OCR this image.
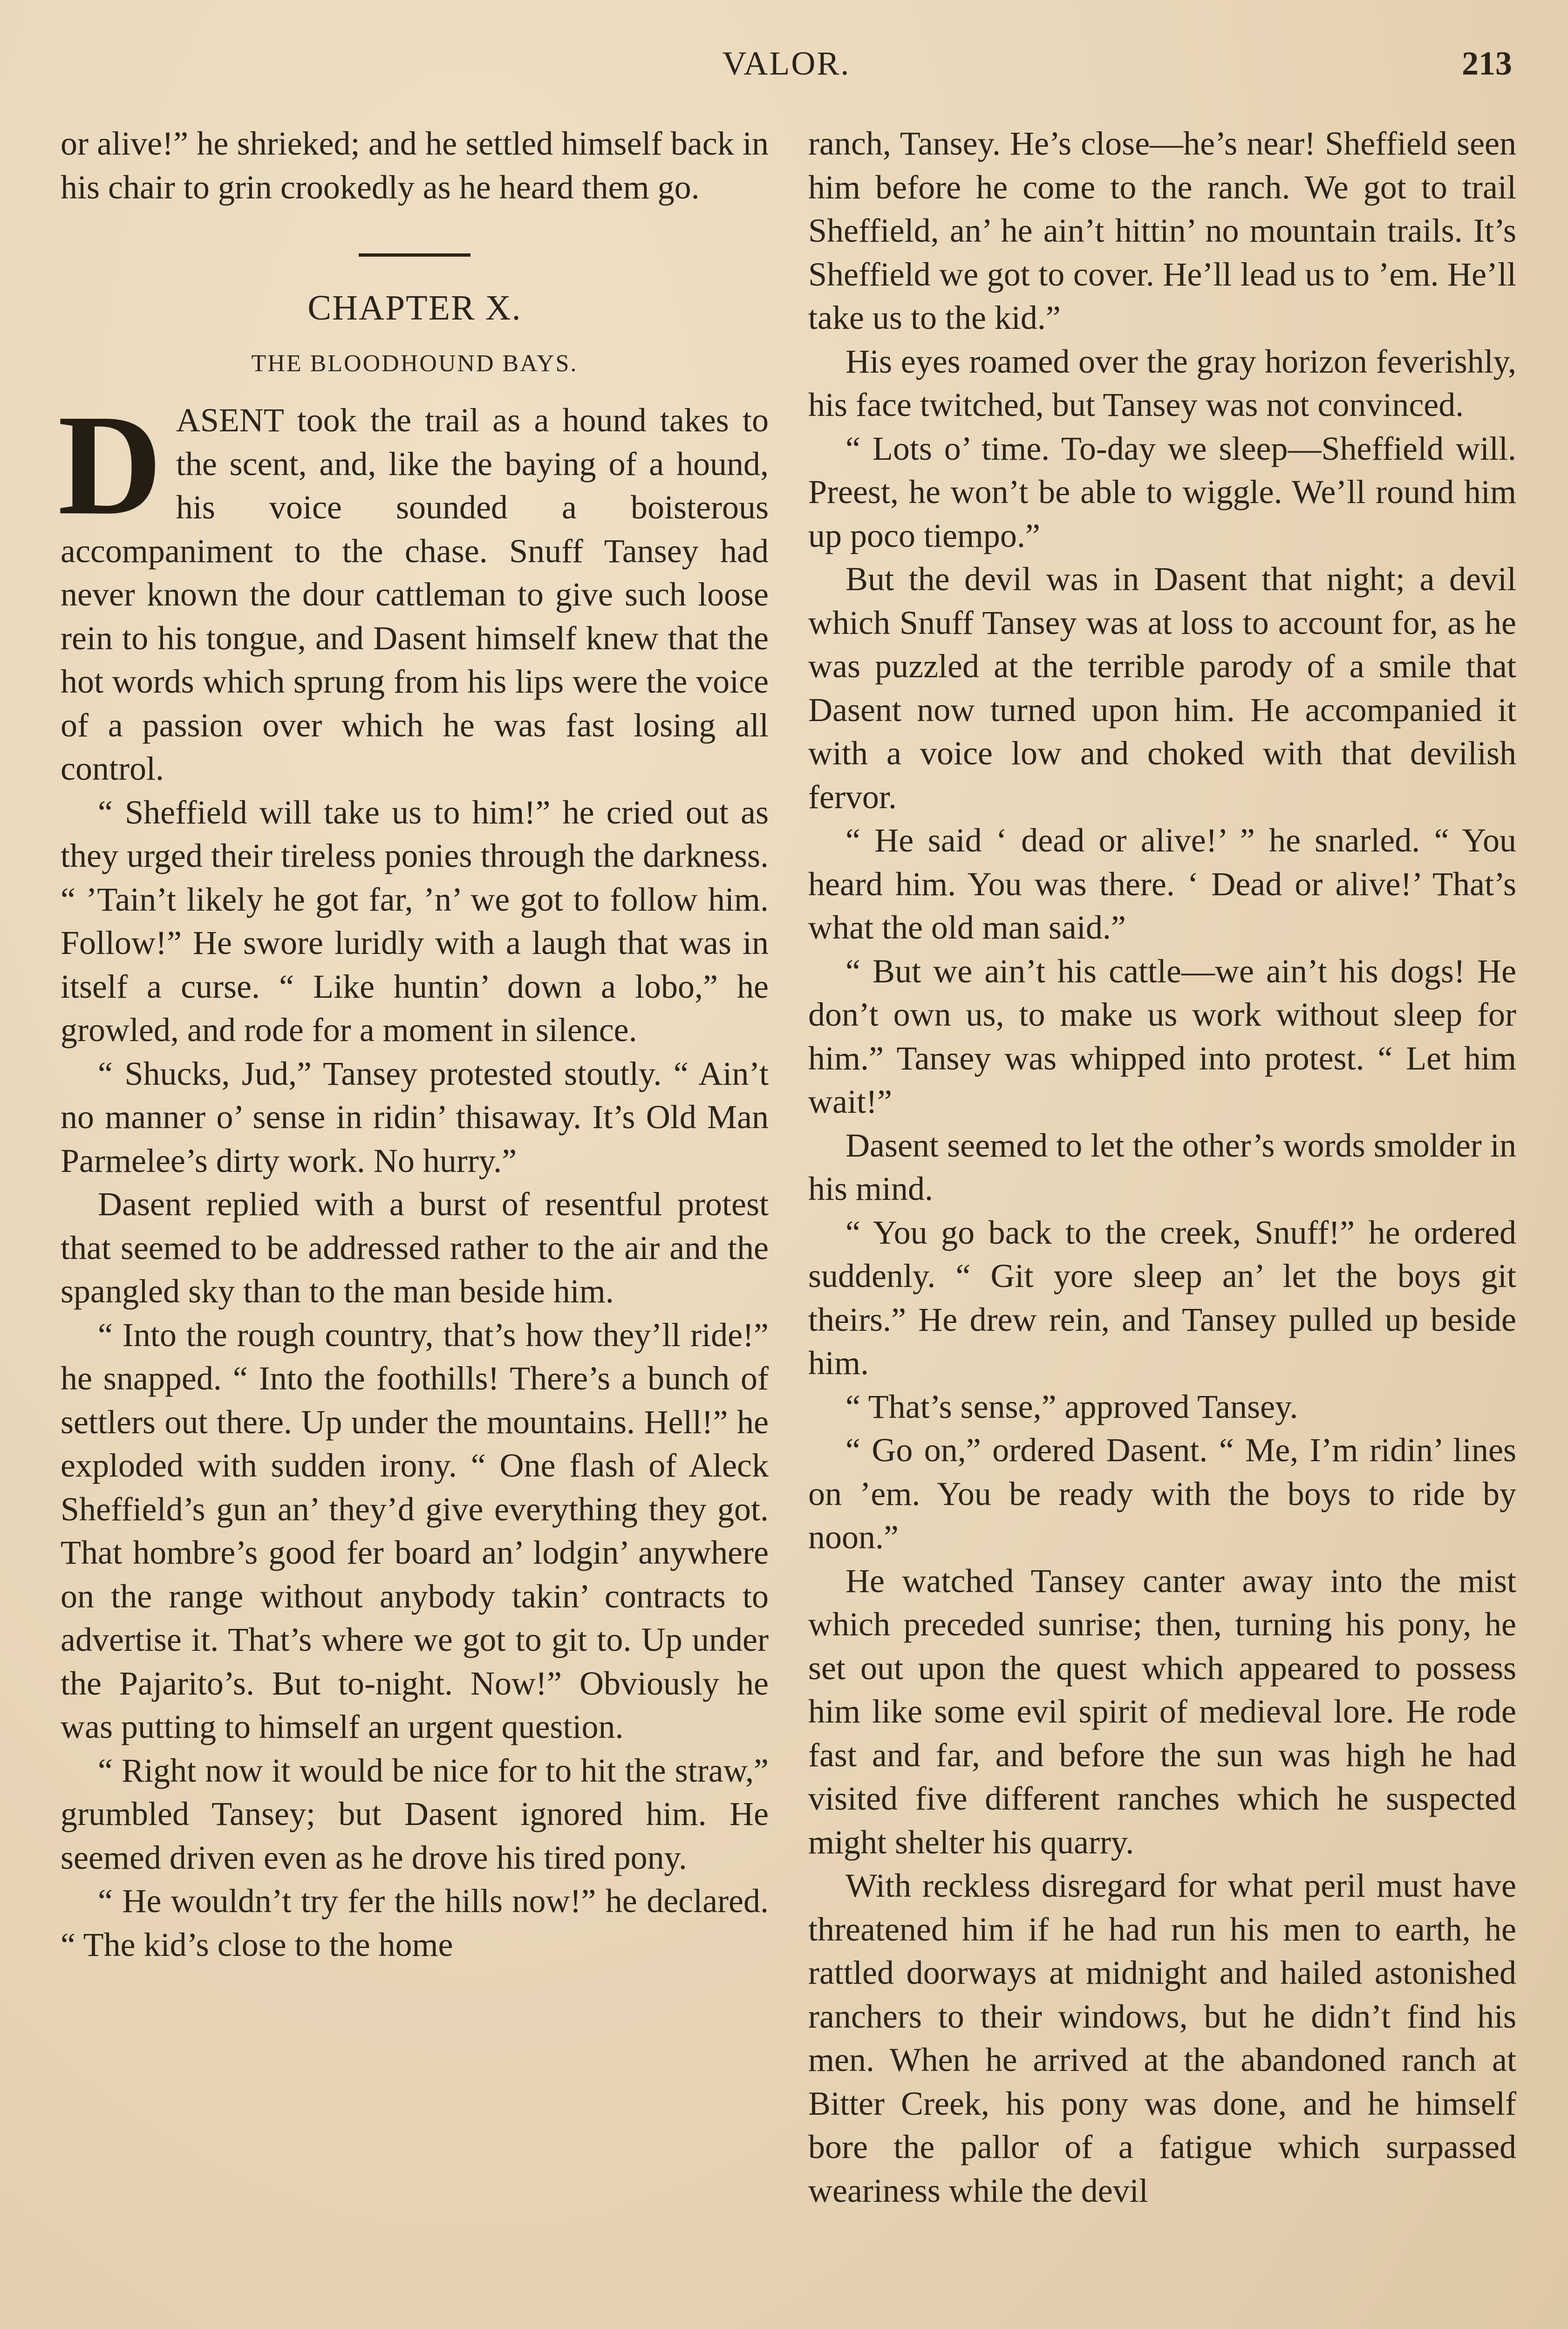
VALOR.	213

or alive!” he shrieked; and he settled himself back in his chair to grin crookedly as he heard them go.

CHAPTER X.
THE BLOODHOUND BAYS.

DASENT took the trail as a hound takes to the scent, and, like the baying of a hound, his voice sounded a boisterous accompaniment to the chase. Snuff Tansey had never known the dour cattleman to give such loose rein to his tongue, and Dasent himself knew that the hot words which sprung from his lips were the voice of a passion over which he was fast losing all control.

“ Sheffield will take us to him!” he cried out as they urged their tireless ponies through the darkness. “ ’Tain’t likely he got far, ’n’ we got to follow him. Follow!” He swore luridly with a laugh that was in itself a curse. “ Like huntin’ down a lobo,” he growled, and rode for a moment in silence.

“ Shucks, Jud,” Tansey protested stoutly. “ Ain’t no manner o’ sense in ridin’ thisaway. It’s Old Man Parmelee’s dirty work. No hurry.”

Dasent replied with a burst of resentful protest that seemed to be addressed rather to the air and the spangled sky than to the man beside him.

“ Into the rough country, that’s how they’ll ride!” he snapped. “ Into the foothills! There’s a bunch of settlers out there. Up under the mountains. Hell!” he exploded with sudden irony. “ One flash of Aleck Sheffield’s gun an’ they’d give everything they got. That hombre’s good fer board an’ lodgin’ anywhere on the range without anybody takin’ contracts to advertise it. That’s where we got to git to. Up under the Pajarito’s. But to-night. Now!” Obviously he was putting to himself an urgent question.

“ Right now it would be nice for to hit the straw,” grumbled Tansey; but Dasent ignored him. He seemed driven even as he drove his tired pony.

“ He wouldn’t try fer the hills now!” he declared. “ The kid’s close to the home

ranch, Tansey. He’s close—he’s near! Sheffield seen him before he come to the ranch. We got to trail Sheffield, an’ he ain’t hittin’ no mountain trails. It’s Sheffield we got to cover. He’ll lead us to ’em. He’ll take us to the kid.”

His eyes roamed over the gray horizon feverishly, his face twitched, but Tansey was not convinced.

“ Lots o’ time. To-day we sleep—Sheffield will. Preest, he won’t be able to wiggle. We’ll round him up poco tiempo.”

But the devil was in Dasent that night; a devil which Snuff Tansey was at loss to account for, as he was puzzled at the terrible parody of a smile that Dasent now turned upon him. He accompanied it with a voice low and choked with that devilish fervor.

“ He said ‘ dead or alive!’ ” he snarled. “ You heard him. You was there. ‘ Dead or alive!’ That’s what the old man said.”

“ But we ain’t his cattle—we ain’t his dogs! He don’t own us, to make us work without sleep for him.” Tansey was whipped into protest. “ Let him wait!”

Dasent seemed to let the other’s words smolder in his mind.

“ You go back to the creek, Snuff!” he ordered suddenly. “ Git yore sleep an’ let the boys git theirs.” He drew rein, and Tansey pulled up beside him.

“ That’s sense,” approved Tansey.

“ Go on,” ordered Dasent. “ Me, I’m ridin’ lines on ’em. You be ready with the boys to ride by noon.”

He watched Tansey canter away into the mist which preceded sunrise; then, turning his pony, he set out upon the quest which appeared to possess him like some evil spirit of medieval lore. He rode fast and far, and before the sun was high he had visited five different ranches which he suspected might shelter his quarry.

With reckless disregard for what peril must have threatened him if he had run his men to earth, he rattled doorways at midnight and hailed astonished ranchers to their windows, but he didn’t find his men. When he arrived at the abandoned ranch at Bitter Creek, his pony was done, and he himself bore the pallor of a fatigue which surpassed weariness while the devil
